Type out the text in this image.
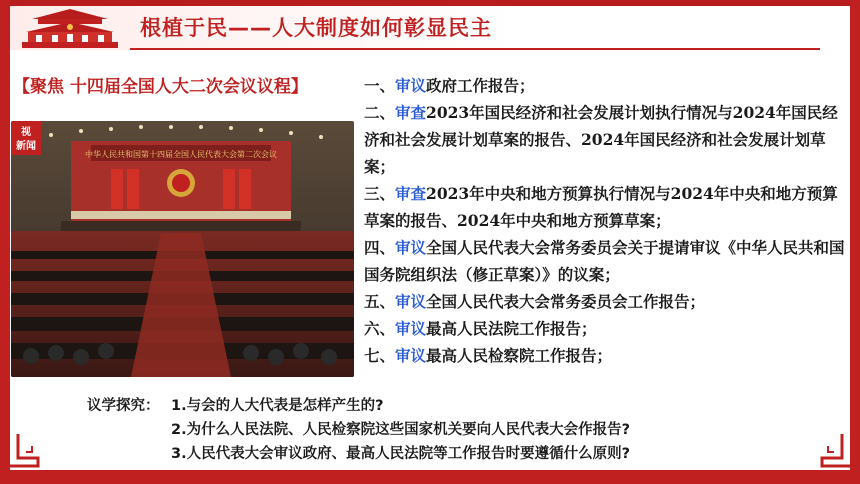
根植于民——人大制度如何彰显民主
【聚焦 十四届全国人大二次会议议程】
中华人民共和国第十四届全国人民代表大会第二次会议
视
新闻

一、审议政府工作报告；

二、审查2023年国民经济和社会发展计划执行情况与2024年国民经济和社会发展计划草案的报告、2024年国民经济和社会发展计划草案；

三、审查2023年中央和地方预算执行情况与2024年中央和地方预算草案的报告、2024年中央和地方预算草案；

四、审议全国人民代表大会常务委员会关于提请审议《中华人民共和国国务院组织法（修正草案）》的议案；

五、审议全国人民代表大会常务委员会工作报告；

六、审议最高人民法院工作报告；

七、审议最高人民检察院工作报告；

议学探究： 1.与会的人大代表是怎样产生的?
2.为什么人民法院、人民检察院这些国家机关要向人民代表大会作报告?
3.人民代表大会审议政府、最高人民法院等工作报告时要遵循什么原则?
